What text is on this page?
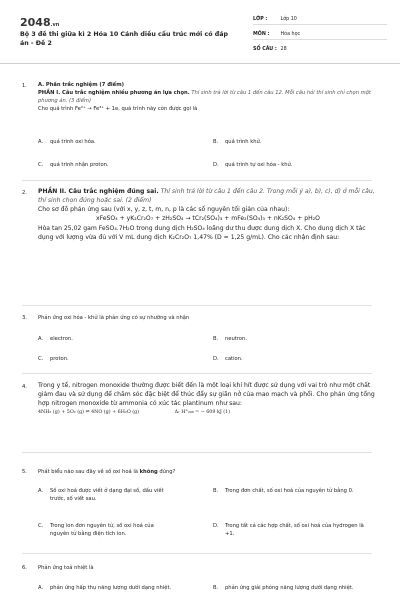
2048.vn
Bộ 3 đề thi giữa kì 2 Hóa 10 Cánh diều cấu trúc mới có đáp án - Đề 2
LỚP :	Lớp 10
MÔN : Hóa học
SỐ CÂU : 28
1. A. Phần trắc nghiệm (7 điểm)
PHẦN I. Câu trắc nghiệm nhiều phương án lựa chọn. Thí sinh trả lời từ câu 1 đến câu 12. Mỗi câu hỏi thí sinh chỉ chọn một phương án. (3 điểm)
Cho quá trình Fe²⁺ → Fe³⁺ + 1e, quá trình này còn được gọi là
A. quá trình oxi hóa.	B. quá trình khử.
C. quá trình nhận proton.	D. quá trình tự oxi hóa - khử.
2. PHẦN II. Câu trắc nghiệm đúng sai. Thí sinh trả lời từ câu 1 đến câu 2. Trong mỗi ý a), b), c), d) ở mỗi câu, thí sinh chọn đúng hoặc sai. (2 điểm)
Cho sơ đồ phản ứng sau (với x, y, z, t, m, n, p là các số nguyên tối giản của nhau):
xFeSO₄ + yK₂Cr₂O₇ + zH₂SO₄ → tCr₂(SO₄)₃ + mFe₂(SO₄)₃ + nK₂SO₄ + pH₂O
Hòa tan 25,02 gam FeSO₄.7H₂O trong dung dịch H₂SO₄ loãng dư thu được dung dịch X. Cho dung dịch X tác dụng với lượng vừa đủ với V mL dung dịch K₂Cr₂O₇ 1,47% (D = 1,25 g/mL). Cho các nhận định sau:
3. Phản ứng oxi hóa - khử là phản ứng có sự nhường và nhận
A. electron.	B. neutron.
C. proton.	D. cation.
4. Trong y tế, nitrogen monoxide thường được biết đến là một loại khí hít được sử dụng với vai trò như một chất giảm đau và sử dụng để chăm sóc đặc biệt để thúc đẩy sự giãn nở của mao mạch và phổi. Cho phản ứng tổng hợp nitrogen monoxide từ ammonia có xúc tác plantinum như sau:
4NH₃ (g) + 5O₂ (g) ⇌ 4NO (g) + 6H₂O (g)	Δᵣ H°₂₉₈ = − 609 kJ (1)
5. Phát biểu nào sau đây về số oxi hoá là không đúng?
A. Số oxi hoá được viết ở dạng đại số, dấu viết trước, số viết sau.
B. Trong đơn chất, số oxi hoá của nguyên tử bằng 0.
C. Trong ion đơn nguyên tử, số oxi hoá của nguyên tử bằng điện tích ion.
D. Trong tất cả các hợp chất, số oxi hoá của hydrogen là +1.
6. Phản ứng toả nhiệt là
A. phản ứng hấp thụ năng lượng dưới dạng nhiệt.	B. phản ứng giải phóng năng lượng dưới dạng nhiệt.
